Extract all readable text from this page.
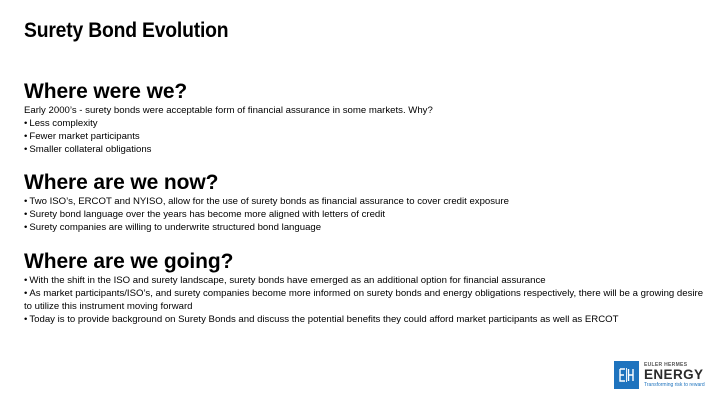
Surety Bond Evolution
Where were we?
Early 2000’s - surety bonds were acceptable form of financial assurance in some markets. Why?
• Less complexity
• Fewer market participants
• Smaller collateral obligations
Where are we now?
• Two ISO’s, ERCOT and NYISO, allow for the use of surety bonds as financial assurance to cover credit exposure
• Surety bond language over the years has become more aligned with letters of credit
• Surety companies are willing to underwrite structured bond language
Where are we going?
• With the shift in the ISO and surety landscape, surety bonds have emerged as an additional option for financial assurance
• As market participants/ISO’s, and surety companies become more informed on surety bonds and energy obligations respectively, there will be a growing desire to utilize this instrument moving forward
• Today is to provide background on Surety Bonds and discuss the potential benefits they could afford market participants as well as ERCOT
EULER HERMES
ENERGY
Transforming risk to reward
